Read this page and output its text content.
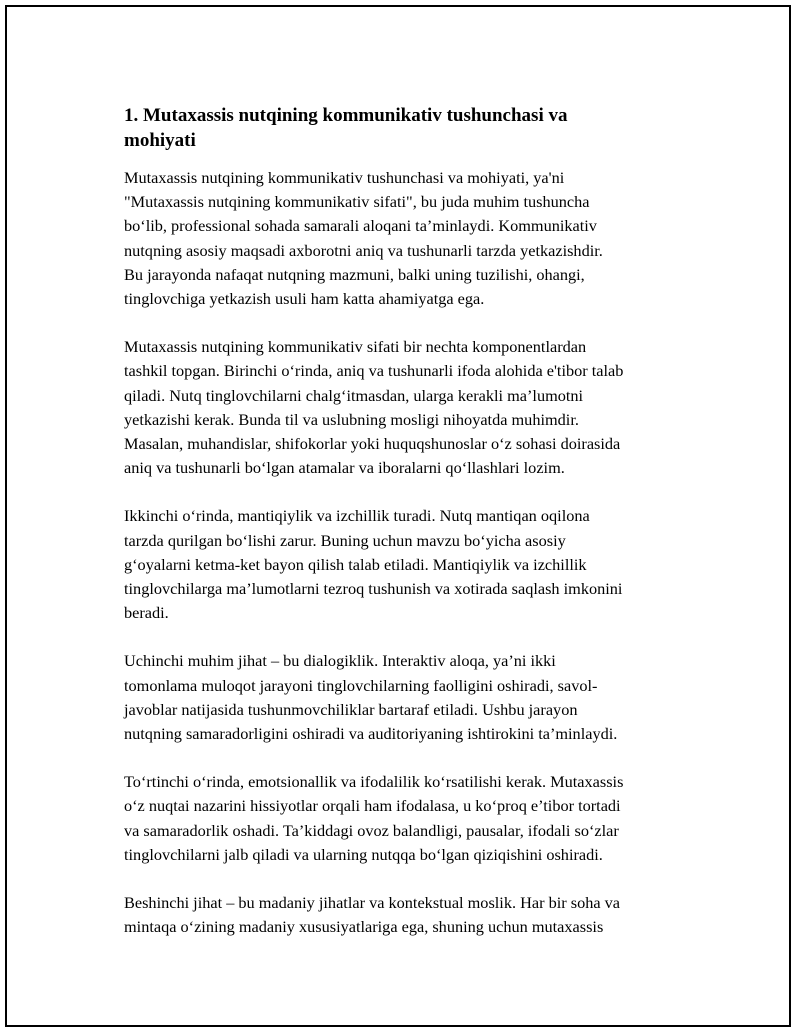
1. Mutaxassis nutqining kommunikativ tushunchasi va
mohiyati

Mutaxassis nutqining kommunikativ tushunchasi va mohiyati, ya'ni
"Mutaxassis nutqining kommunikativ sifati", bu juda muhim tushuncha
bo‘lib, professional sohada samarali aloqani ta’minlaydi. Kommunikativ
nutqning asosiy maqsadi axborotni aniq va tushunarli tarzda yetkazishdir.
Bu jarayonda nafaqat nutqning mazmuni, balki uning tuzilishi, ohangi,
tinglovchiga yetkazish usuli ham katta ahamiyatga ega.

Mutaxassis nutqining kommunikativ sifati bir nechta komponentlardan
tashkil topgan. Birinchi o‘rinda, aniq va tushunarli ifoda alohida e'tibor talab
qiladi. Nutq tinglovchilarni chalg‘itmasdan, ularga kerakli ma’lumotni
yetkazishi kerak. Bunda til va uslubning mosligi nihoyatda muhimdir.
Masalan, muhandislar, shifokorlar yoki huquqshunoslar o‘z sohasi doirasida
aniq va tushunarli bo‘lgan atamalar va iboralarni qo‘llashlari lozim.

Ikkinchi o‘rinda, mantiqiylik va izchillik turadi. Nutq mantiqan oqilona
tarzda qurilgan bo‘lishi zarur. Buning uchun mavzu bo‘yicha asosiy
g‘oyalarni ketma-ket bayon qilish talab etiladi. Mantiqiylik va izchillik
tinglovchilarga ma’lumotlarni tezroq tushunish va xotirada saqlash imkonini
beradi.

Uchinchi muhim jihat – bu dialogiklik. Interaktiv aloqa, ya’ni ikki
tomonlama muloqot jarayoni tinglovchilarning faolligini oshiradi, savol-
javoblar natijasida tushunmovchiliklar bartaraf etiladi. Ushbu jarayon
nutqning samaradorligini oshiradi va auditoriyaning ishtirokini ta’minlaydi.

To‘rtinchi o‘rinda, emotsionallik va ifodalilik ko‘rsatilishi kerak. Mutaxassis
o‘z nuqtai nazarini hissiyotlar orqali ham ifodalasa, u ko‘proq e’tibor tortadi
va samaradorlik oshadi. Ta’kiddagi ovoz balandligi, pausalar, ifodali so‘zlar
tinglovchilarni jalb qiladi va ularning nutqqa bo‘lgan qiziqishini oshiradi.

Beshinchi jihat – bu madaniy jihatlar va kontekstual moslik. Har bir soha va
mintaqa o‘zining madaniy xususiyatlariga ega, shuning uchun mutaxassis
